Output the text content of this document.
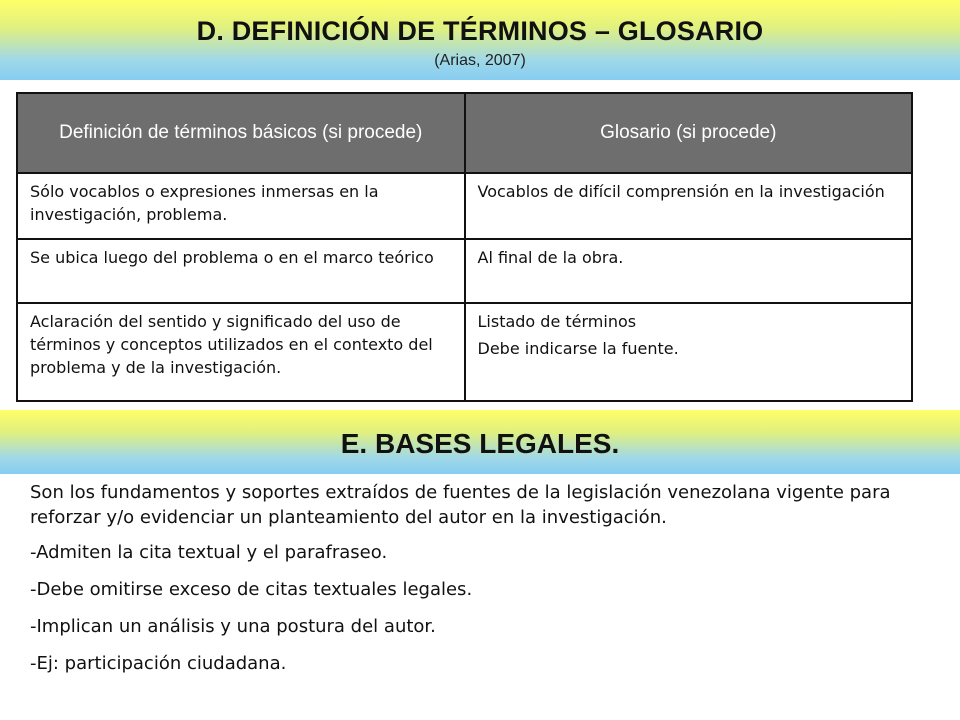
D. DEFINICIÓN DE TÉRMINOS – GLOSARIO
(Arias, 2007)
Definición de términos básicos (si procede)	Glosario (si procede)

Sólo vocablos o expresiones inmersas en la investigación, problema.	Vocablos de difícil comprensión en la investigación

Se ubica luego del problema o en el marco teórico	Al final de la obra.

Aclaración del sentido y significado del uso de términos y conceptos utilizados en el contexto del problema y de la investigación.	Listado de términos

Debe indicarse la fuente.

E. BASES LEGALES.

Son los fundamentos y soportes extraídos de fuentes de la legislación venezolana vigente para reforzar y/o evidenciar un planteamiento del autor en la investigación.

-Admiten la cita textual y el parafraseo.

-Debe omitirse exceso de citas textuales legales.

-Implican un análisis y una postura del autor.

-Ej: participación ciudadana.
